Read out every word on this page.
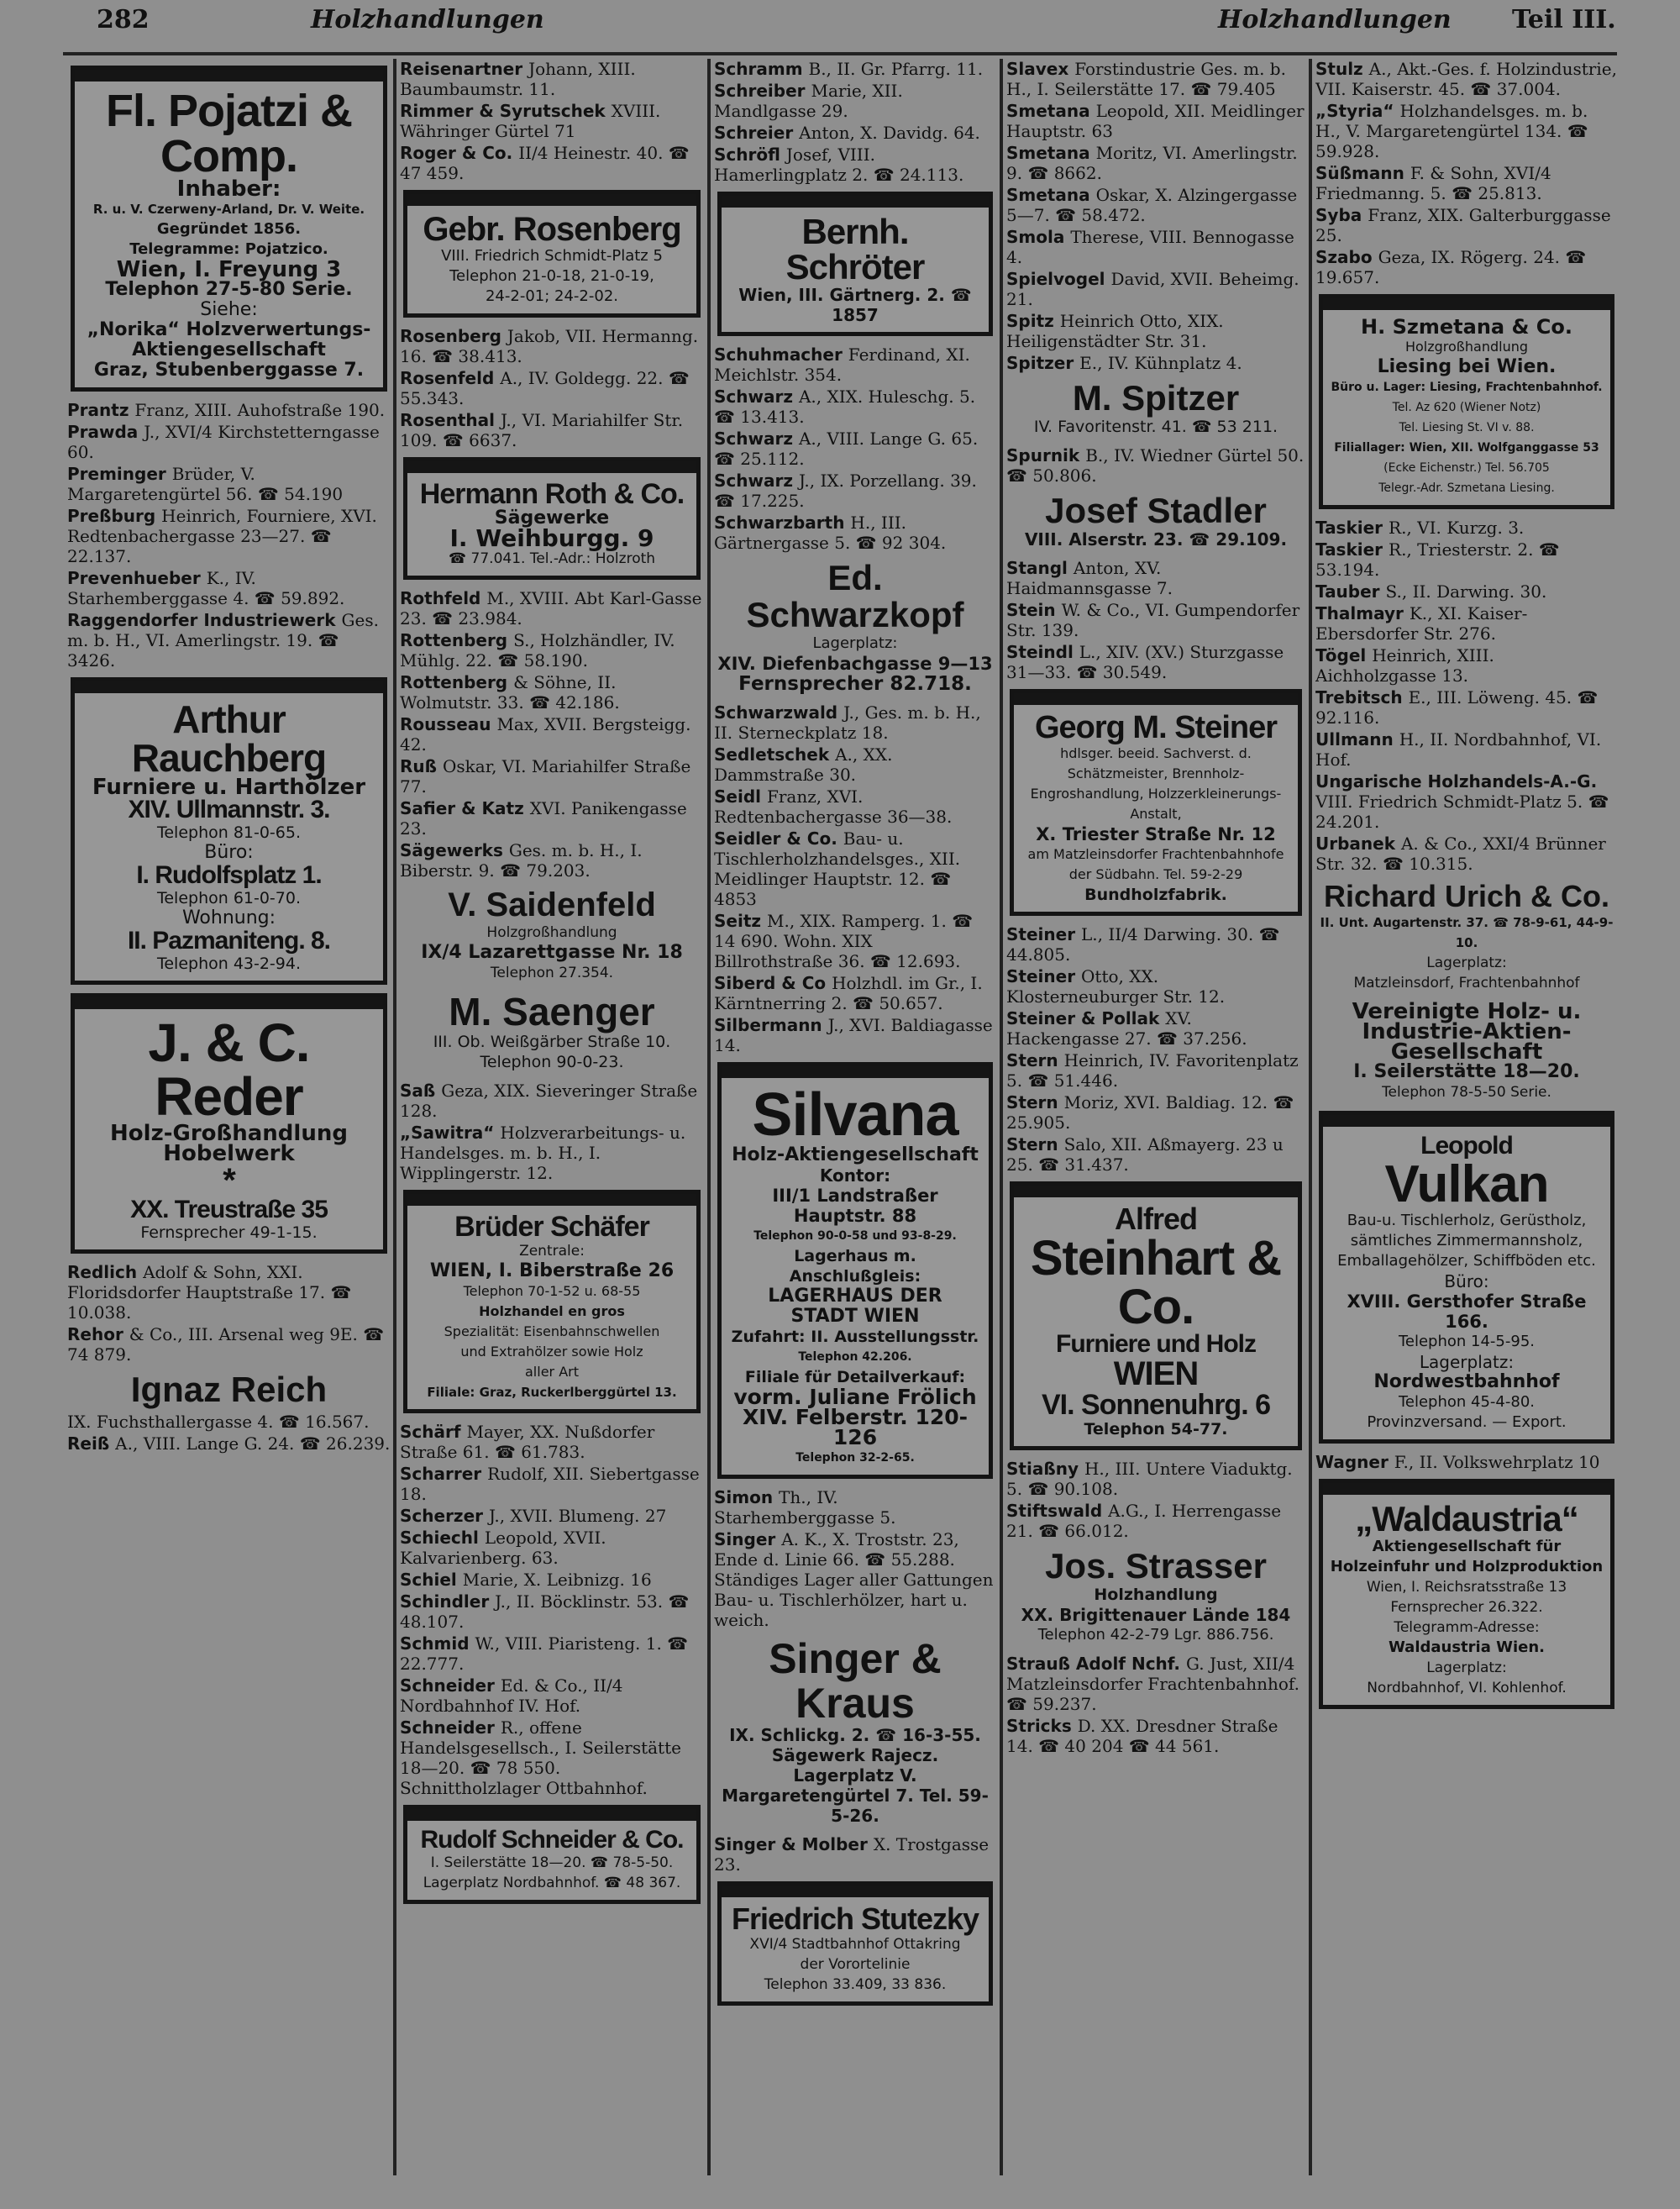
282	Holzhandlungen	Holzhandlungen Teil III.
Fl. Pojatzi & Comp.
Inhaber:
R. u. V. Czerweny-Arland, Dr. V. Weite.
Gegründet 1856.
Telegramme: Pojatzico.
Wien, I. Freyung 3
Telephon 27-5-80 Serie.
Siehe:
„Norika“ Holzverwertungs-
Aktiengesellschaft
Graz, Stubenberggasse 7.
Prantz Franz, XIII. Auhofstraße 190.
Prawda J., XVI/4 Kirchstetterngasse 60.
Preminger Brüder, V. Margaretengürtel 56. ☎ 54.190
Preßburg Heinrich, Fourniere, XVI. Redtenbachergasse 23—27. ☎ 22.137.
Prevenhueber K., IV. Starhemberggasse 4. ☎ 59.892.
Raggendorfer Industriewerk Ges. m. b. H., VI. Amerlingstr. 19. ☎ 3426.
Arthur Rauchberg
Furniere u. Harthölzer
XIV. Ullmannstr. 3.
Telephon 81-0-65.
Büro:
I. Rudolfsplatz 1.
Telephon 61-0-70.
Wohnung:
II. Pazmaniteng. 8.
Telephon 43-2-94.
J. & C. Reder
Holz-Großhandlung
Hobelwerk
*
XX. Treustraße 35
Fernsprecher 49-1-15.
Redlich Adolf & Sohn, XXI. Floridsdorfer Hauptstraße 17. ☎ 10.038.
Rehor & Co., III. Arsenal weg 9E. ☎ 74 879.
Ignaz Reich
IX. Fuchsthallergasse 4. ☎ 16.567.
Reiß A., VIII. Lange G. 24. ☎ 26.239.
Reisenartner Johann, XIII. Baumbaumstr. 11.
Rimmer & Syrutschek XVIII. Währinger Gürtel 71
Roger & Co. II/4 Heinestr. 40. ☎ 47 459.
Gebr. Rosenberg
VIII. Friedrich Schmidt-Platz 5
Telephon 21-0-18, 21-0-19,
24-2-01; 24-2-02.
Rosenberg Jakob, VII. Hermanng. 16. ☎ 38.413.
Rosenfeld A., IV. Goldegg. 22. ☎ 55.343.
Rosenthal J., VI. Mariahilfer Str. 109. ☎ 6637.
Hermann Roth & Co.
Sägewerke
I. Weihburgg. 9
☎ 77.041. Tel.-Adr.: Holzroth
Rothfeld M., XVIII. Abt Karl-Gasse 23. ☎ 23.984.
Rottenberg S., Holzhändler, IV. Mühlg. 22. ☎ 58.190.
Rottenberg & Söhne, II. Wolmutstr. 33. ☎ 42.186.
Rousseau Max, XVII. Bergsteigg. 42.
Ruß Oskar, VI. Mariahilfer Straße 77.
Safier & Katz XVI. Panikengasse 23.
Sägewerks Ges. m. b. H., I. Biberstr. 9. ☎ 79.203.
V. Saidenfeld
Holzgroßhandlung
IX/4 Lazarettgasse Nr. 18
Telephon 27.354.
M. Saenger
III. Ob. Weißgärber Straße 10.
Telephon 90-0-23.
Saß Geza, XIX. Sieveringer Straße 128.
„Sawitra“ Holzverarbeitungs- u. Handelsges. m. b. H., I. Wipplingerstr. 12.
Brüder Schäfer
Zentrale:
WIEN, I. Biberstraße 26
Telephon 70-1-52 u. 68-55
Holzhandel en gros
Spezialität: Eisenbahnschwellen
und Extrahölzer sowie Holz
aller Art
Filiale: Graz, Ruckerlberggürtel 13.
Schärf Mayer, XX. Nußdorfer Straße 61. ☎ 61.783.
Scharrer Rudolf, XII. Siebertgasse 18.
Scherzer J., XVII. Blumeng. 27
Schiechl Leopold, XVII. Kalvarienberg. 63.
Schiel Marie, X. Leibnizg. 16
Schindler J., II. Böcklinstr. 53. ☎ 48.107.
Schmid W., VIII. Piaristeng. 1. ☎ 22.777.
Schneider Ed. & Co., II/4 Nordbahnhof IV. Hof.
Schneider R., offene Handelsgesellsch., I. Seilerstätte 18—20. ☎ 78 550. Schnittholzlager Ottbahnhof.
Rudolf Schneider & Co.
I. Seilerstätte 18—20. ☎ 78-5-50.
Lagerplatz Nordbahnhof. ☎ 48 367.
Schramm B., II. Gr. Pfarrg. 11.
Schreiber Marie, XII. Mandlgasse 29.
Schreier Anton, X. Davidg. 64.
Schröfl Josef, VIII. Hamerlingplatz 2. ☎ 24.113.
Bernh. Schröter
Wien, III. Gärtnerg. 2. ☎ 1857
Schuhmacher Ferdinand, XI. Meichlstr. 354.
Schwarz A., XIX. Huleschg. 5. ☎ 13.413.
Schwarz A., VIII. Lange G. 65. ☎ 25.112.
Schwarz J., IX. Porzellang. 39. ☎ 17.225.
Schwarzbarth H., III. Gärtnergasse 5. ☎ 92 304.
Ed. Schwarzkopf
Lagerplatz:
XIV. Diefenbachgasse 9—13
Fernsprecher 82.718.
Schwarzwald J., Ges. m. b. H., II. Sterneckplatz 18.
Sedletschek A., XX. Dammstraße 30.
Seidl Franz, XVI. Redtenbachergasse 36—38.
Seidler & Co. Bau- u. Tischlerholzhandelsges., XII. Meidlinger Hauptstr. 12. ☎ 4853
Seitz M., XIX. Ramperg. 1. ☎ 14 690. Wohn. XIX Billrothstraße 36. ☎ 12.693.
Siberd & Co Holzhdl. im Gr., I. Kärntnerring 2. ☎ 50.657.
Silbermann J., XVI. Baldiagasse 14.
Silvana
Holz-Aktiengesellschaft
Kontor:
III/1 Landstraßer Hauptstr. 88
Telephon 90-0-58 und 93-8-29.
Lagerhaus m. Anschlußgleis:
LAGERHAUS DER
STADT WIEN
Zufahrt: II. Ausstellungsstr.
Telephon 42.206.
Filiale für Detailverkauf:
vorm. Juliane Frölich
XIV. Felberstr. 120-126
Telephon 32-2-65.
Simon Th., IV. Starhemberggasse 5.
Singer A. K., X. Troststr. 23, Ende d. Linie 66. ☎ 55.288. Ständiges Lager aller Gattungen Bau- u. Tischlerhölzer, hart u. weich.
Singer & Kraus
IX. Schlickg. 2. ☎ 16-3-55.
Sägewerk Rajecz.
Lagerplatz V. Margaretengürtel 7. Tel. 59-5-26.
Singer & Molber X. Trostgasse 23.
Friedrich Stutezky
XVI/4 Stadtbahnhof Ottakring
der Vorortelinie
Telephon 33.409, 33 836.
Slavex Forstindustrie Ges. m. b. H., I. Seilerstätte 17. ☎ 79.405
Smetana Leopold, XII. Meidlinger Hauptstr. 63
Smetana Moritz, VI. Amerlingstr. 9. ☎ 8662.
Smetana Oskar, X. Alzingergasse 5—7. ☎ 58.472.
Smola Therese, VIII. Bennogasse 4.
Spielvogel David, XVII. Beheimg. 21.
Spitz Heinrich Otto, XIX. Heiligenstädter Str. 31.
Spitzer E., IV. Kühnplatz 4.
M. Spitzer
IV. Favoritenstr. 41. ☎ 53 211.
Spurnik B., IV. Wiedner Gürtel 50. ☎ 50.806.
Josef Stadler
VIII. Alserstr. 23. ☎ 29.109.
Stangl Anton, XV. Haidmannsgasse 7.
Stein W. & Co., VI. Gumpendorfer Str. 139.
Steindl L., XIV. (XV.) Sturzgasse 31—33. ☎ 30.549.
Georg M. Steiner
hdlsger. beeid. Sachverst. d. Schätzmeister, Brennholz-Engroshandlung, Holzzerkleinerungs-Anstalt,
X. Triester Straße Nr. 12
am Matzleinsdorfer Frachtenbahnhofe der Südbahn. Tel. 59-2-29
Bundholzfabrik.
Steiner L., II/4 Darwing. 30. ☎ 44.805.
Steiner Otto, XX. Klosterneuburger Str. 12.
Steiner & Pollak XV. Hackengasse 27. ☎ 37.256.
Stern Heinrich, IV. Favoritenplatz 5. ☎ 51.446.
Stern Moriz, XVI. Baldiag. 12. ☎ 25.905.
Stern Salo, XII. Aßmayerg. 23 u 25. ☎ 31.437.
Alfred
Steinhart & Co.
Furniere und Holz
WIEN
VI. Sonnenuhrg. 6
Telephon 54-77.
Stiaßny H., III. Untere Viaduktg. 5. ☎ 90.108.
Stiftswald A.G., I. Herrengasse 21. ☎ 66.012.
Jos. Strasser
Holzhandlung
XX. Brigittenauer Lände 184
Telephon 42-2-79 Lgr. 886.756.
Strauß Adolf Nchf. G. Just, XII/4 Matzleinsdorfer Frachtenbahnhof. ☎ 59.237.
Stricks D. XX. Dresdner Straße 14. ☎ 40 204 ☎ 44 561.
Stulz A., Akt.-Ges. f. Holzindustrie, VII. Kaiserstr. 45. ☎ 37.004.
„Styria“ Holzhandelsges. m. b. H., V. Margaretengürtel 134. ☎ 59.928.
Süßmann F. & Sohn, XVI/4 Friedmanng. 5. ☎ 25.813.
Syba Franz, XIX. Galterburggasse 25.
Szabo Geza, IX. Rögerg. 24. ☎ 19.657.
H. Szmetana & Co.
Holzgroßhandlung
Liesing bei Wien.
Büro u. Lager: Liesing, Frachtenbahnhof.
Tel. Az 620 (Wiener Notz)
Tel. Liesing St. VI v. 88.
Filiallager: Wien, XII. Wolfganggasse 53
(Ecke Eichenstr.) Tel. 56.705
Telegr.-Adr. Szmetana Liesing.
Taskier R., VI. Kurzg. 3.
Taskier R., Triesterstr. 2. ☎ 53.194.
Tauber S., II. Darwing. 30.
Thalmayr K., XI. Kaiser-Ebersdorfer Str. 276.
Tögel Heinrich, XIII. Aichholzgasse 13.
Trebitsch E., III. Löweng. 45. ☎ 92.116.
Ullmann H., II. Nordbahnhof, VI. Hof.
Ungarische Holzhandels-A.-G. VIII. Friedrich Schmidt-Platz 5. ☎ 24.201.
Urbanek A. & Co., XXI/4 Brünner Str. 32. ☎ 10.315.
Richard Urich & Co.
II. Unt. Augartenstr. 37. ☎ 78-9-61, 44-9-10.
Lagerplatz:
Matzleinsdorf, Frachtenbahnhof
Vereinigte Holz- u. Industrie-Aktien-Gesellschaft
I. Seilerstätte 18—20.
Telephon 78-5-50 Serie.
Leopold
Vulkan
Bau-u. Tischlerholz, Gerüstholz, sämtliches Zimmermannsholz, Emballagehölzer, Schiffböden etc.
Büro:
XVIII. Gersthofer Straße 166.
Telephon 14-5-95.
Lagerplatz:
Nordwestbahnhof
Telephon 45-4-80.
Provinzversand. — Export.
Wagner F., II. Volkswehrplatz 10
„Waldaustria“
Aktiengesellschaft für Holzeinfuhr und Holzproduktion
Wien, I. Reichsratsstraße 13
Fernsprecher 26.322.
Telegramm-Adresse:
Waldaustria Wien.
Lagerplatz:
Nordbahnhof, VI. Kohlenhof.
